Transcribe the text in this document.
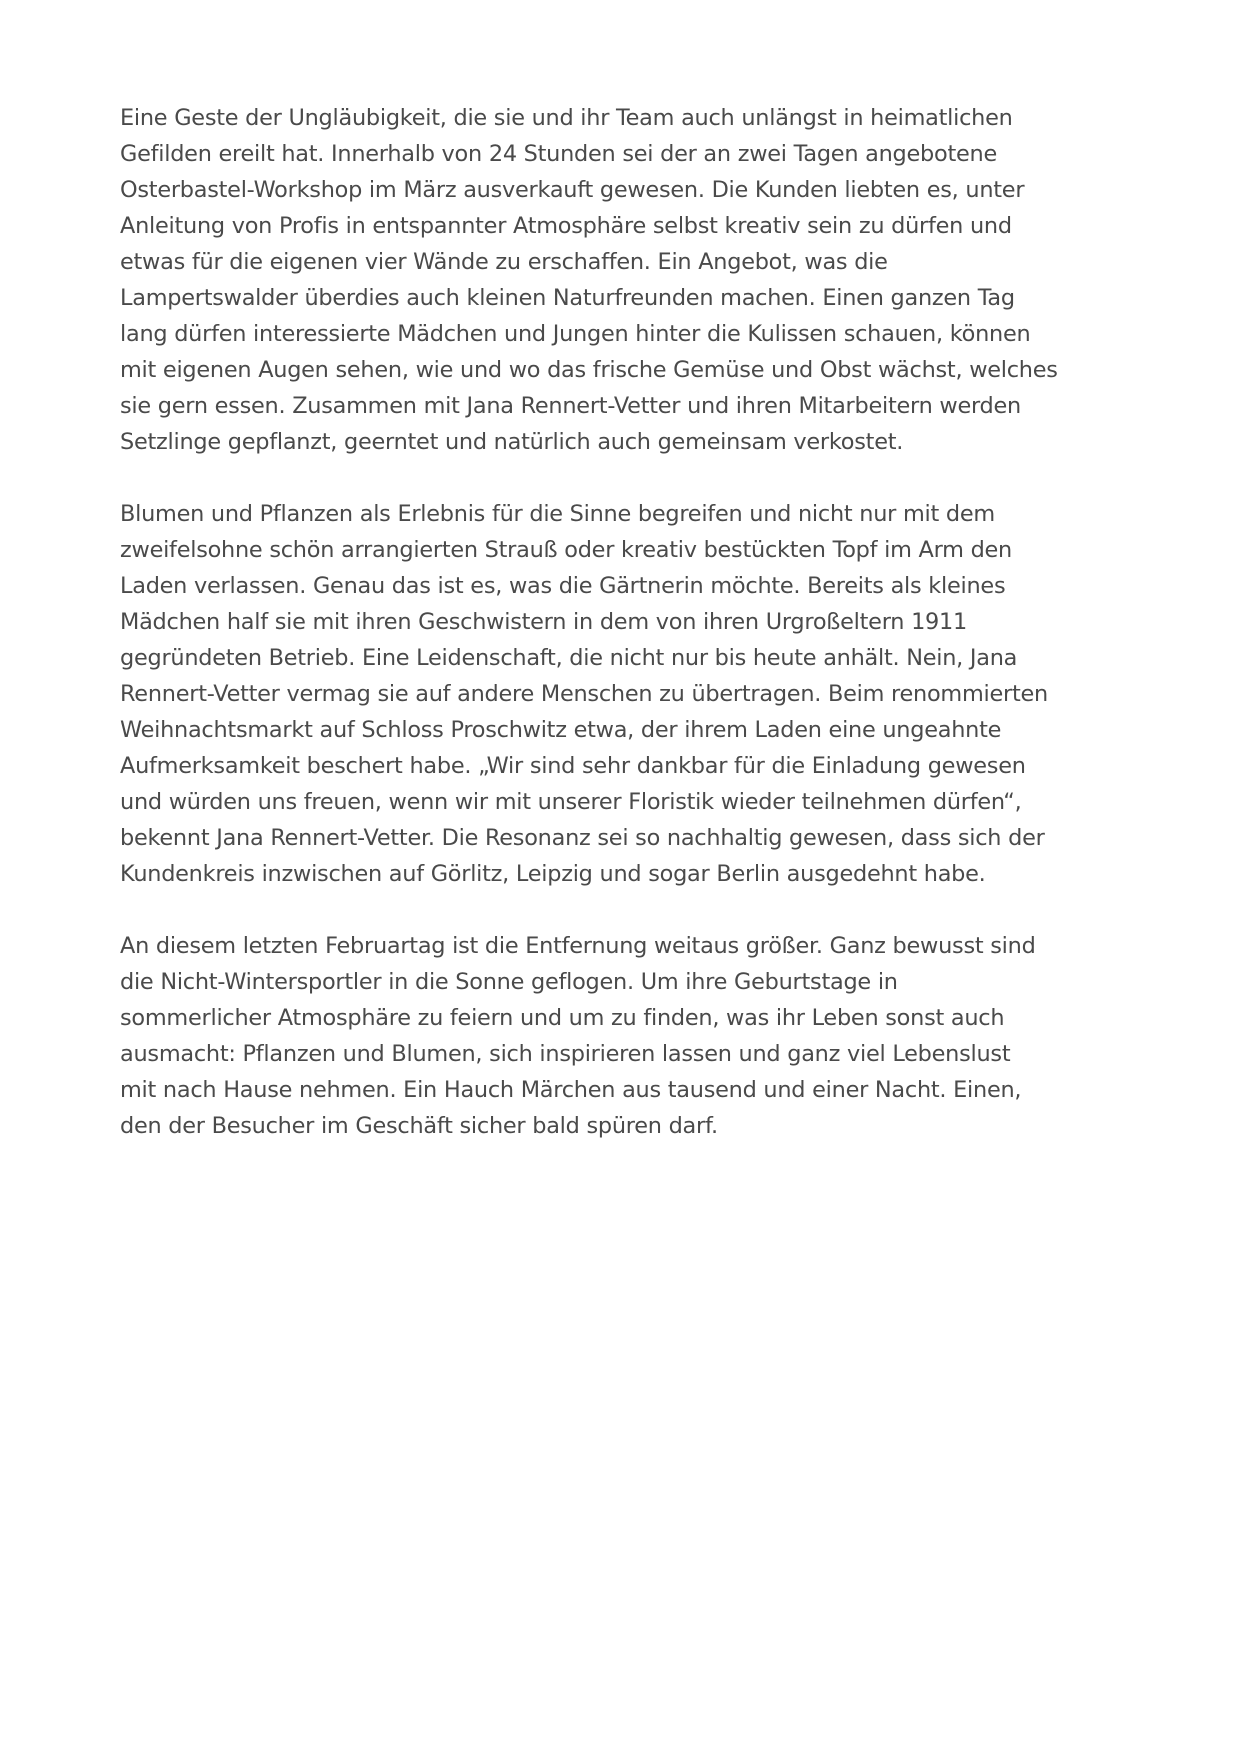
Eine Geste der Ungläubigkeit, die sie und ihr Team auch unlängst in heimatlichen
Gefilden ereilt hat. Innerhalb von 24 Stunden sei der an zwei Tagen angebotene
Osterbastel-Workshop im März ausverkauft gewesen. Die Kunden liebten es, unter
Anleitung von Profis in entspannter Atmosphäre selbst kreativ sein zu dürfen und
etwas für die eigenen vier Wände zu erschaffen. Ein Angebot, was die
Lampertswalder überdies auch kleinen Naturfreunden machen. Einen ganzen Tag
lang dürfen interessierte Mädchen und Jungen hinter die Kulissen schauen, können
mit eigenen Augen sehen, wie und wo das frische Gemüse und Obst wächst, welches
sie gern essen. Zusammen mit Jana Rennert-Vetter und ihren Mitarbeitern werden
Setzlinge gepflanzt, geerntet und natürlich auch gemeinsam verkostet.

Blumen und Pflanzen als Erlebnis für die Sinne begreifen und nicht nur mit dem
zweifelsohne schön arrangierten Strauß oder kreativ bestückten Topf im Arm den
Laden verlassen. Genau das ist es, was die Gärtnerin möchte. Bereits als kleines
Mädchen half sie mit ihren Geschwistern in dem von ihren Urgroßeltern 1911
gegründeten Betrieb. Eine Leidenschaft, die nicht nur bis heute anhält. Nein, Jana
Rennert-Vetter vermag sie auf andere Menschen zu übertragen. Beim renommierten
Weihnachtsmarkt auf Schloss Proschwitz etwa, der ihrem Laden eine ungeahnte
Aufmerksamkeit beschert habe. „Wir sind sehr dankbar für die Einladung gewesen
und würden uns freuen, wenn wir mit unserer Floristik wieder teilnehmen dürfen“,
bekennt Jana Rennert-Vetter. Die Resonanz sei so nachhaltig gewesen, dass sich der
Kundenkreis inzwischen auf Görlitz, Leipzig und sogar Berlin ausgedehnt habe.

An diesem letzten Februartag ist die Entfernung weitaus größer. Ganz bewusst sind
die Nicht-Wintersportler in die Sonne geflogen. Um ihre Geburtstage in
sommerlicher Atmosphäre zu feiern und um zu finden, was ihr Leben sonst auch
ausmacht: Pflanzen und Blumen, sich inspirieren lassen und ganz viel Lebenslust
mit nach Hause nehmen. Ein Hauch Märchen aus tausend und einer Nacht. Einen,
den der Besucher im Geschäft sicher bald spüren darf.
